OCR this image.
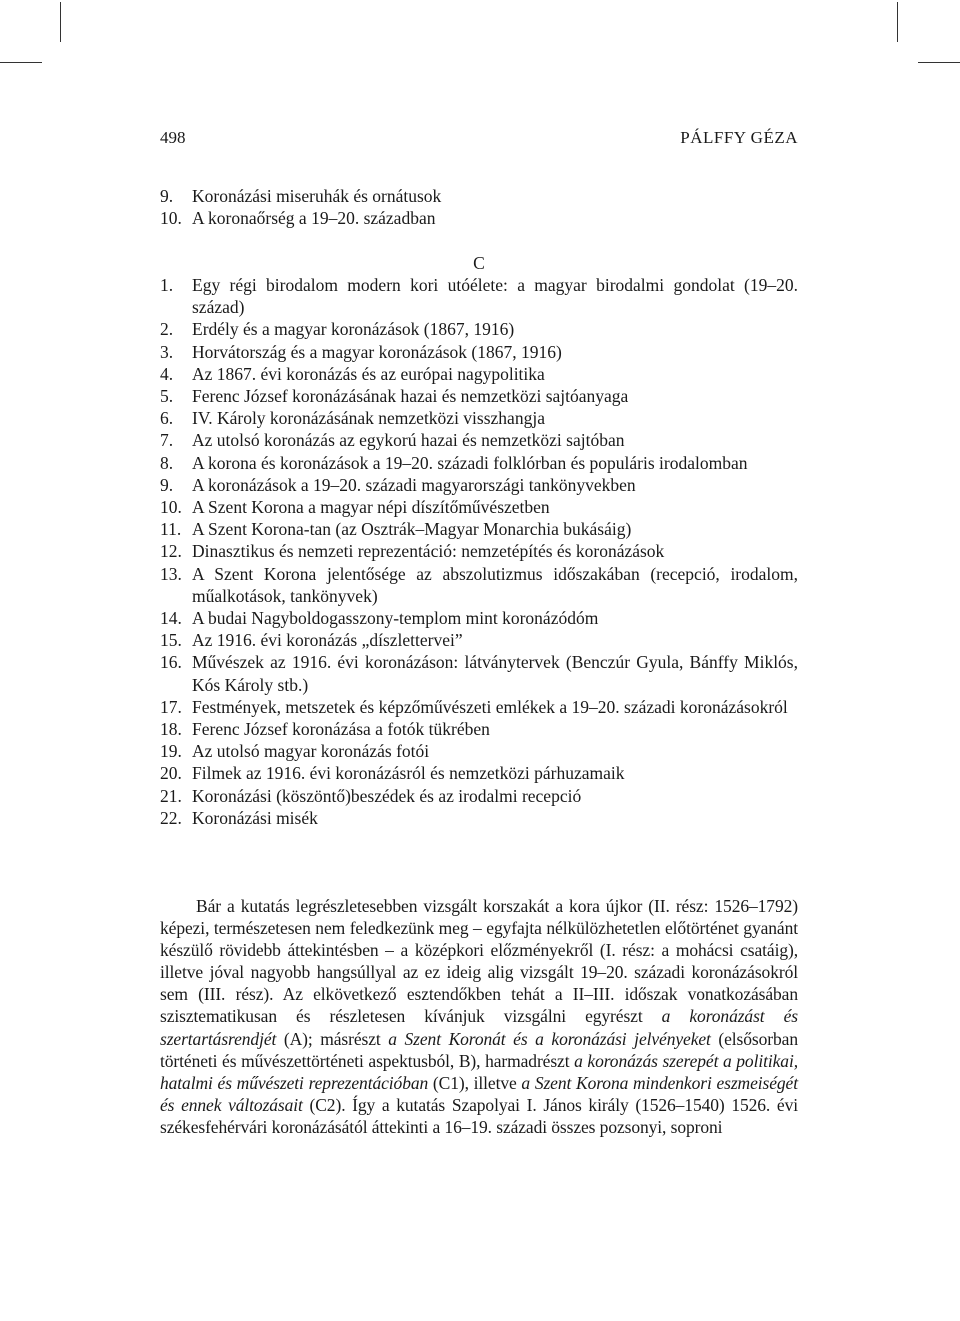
498	PÁLFFY GÉZA
9.	Koronázási miseruhák és ornátusok
10. A koronaőrség a 19–20. században
C
1.	Egy régi birodalom modern kori utóélete: a magyar birodalmi gondolat (19–20. század)
2.	Erdély és a magyar koronázások (1867, 1916)
3.	Horvátország és a magyar koronázások (1867, 1916)
4.	Az 1867. évi koronázás és az európai nagypolitika
5.	Ferenc József koronázásának hazai és nemzetközi sajtóanyaga
6.	IV. Károly koronázásának nemzetközi visszhangja
7.	Az utolsó koronázás az egykorú hazai és nemzetközi sajtóban
8.	A korona és koronázások a 19–20. századi folklórban és populáris irodalomban
9.	A koronázások a 19–20. századi magyarországi tankönyvekben
10. A Szent Korona a magyar népi díszítőművészetben
11. A Szent Korona-tan (az Osztrák–Magyar Monarchia bukásáig)
12. Dinasztikus és nemzeti reprezentáció: nemzetépítés és koronázások
13. A Szent Korona jelentősége az abszolutizmus időszakában (recepció, irodalom, műalkotások, tankönyvek)
14. A budai Nagyboldogasszony-templom mint koronázódóm
15. Az 1916. évi koronázás „díszlettervei”
16. Művészek az 1916. évi koronázáson: látványtervek (Benczúr Gyula, Bánffy Miklós, Kós Károly stb.)
17. Festmények, metszetek és képzőművészeti emlékek a 19–20. századi koronázásokról
18. Ferenc József koronázása a fotók tükrében
19. Az utolsó magyar koronázás fotói
20. Filmek az 1916. évi koronázásról és nemzetközi párhuzamaik
21. Koronázási (köszöntő)beszédek és az irodalmi recepció
22. Koronázási misék

Bár a kutatás legrészletesebben vizsgált korszakát a kora újkor (II. rész: 1526–1792) képezi, természetesen nem feledkezünk meg – egyfajta nélkülözhetetlen előtörténet gyanánt készülő rövidebb áttekintésben – a középkori előzményekről (I. rész: a mohácsi csatáig), illetve jóval nagyobb hangsúllyal az ez ideig alig vizsgált 19–20. századi koronázásokról sem (III. rész). Az elkövetkező esztendőkben tehát a II–III. időszak vonatkozásában szisztematikusan és részletesen kívánjuk vizsgálni egyrészt a koronázást és szertartásrendjét (A); másrészt a Szent Koronát és a koronázási jelvényeket (elsősorban történeti és művészettörténeti aspektusból, B), harmadrészt a koronázás szerepét a politikai, hatalmi és művészeti reprezentációban (C1), illetve a Szent Korona mindenkori eszmeiségét és ennek változásait (C2). Így a kutatás Szapolyai I. János király (1526–1540) 1526. évi székesfehérvári koronázásától áttekinti a 16–19. századi összes pozsonyi, soproni
